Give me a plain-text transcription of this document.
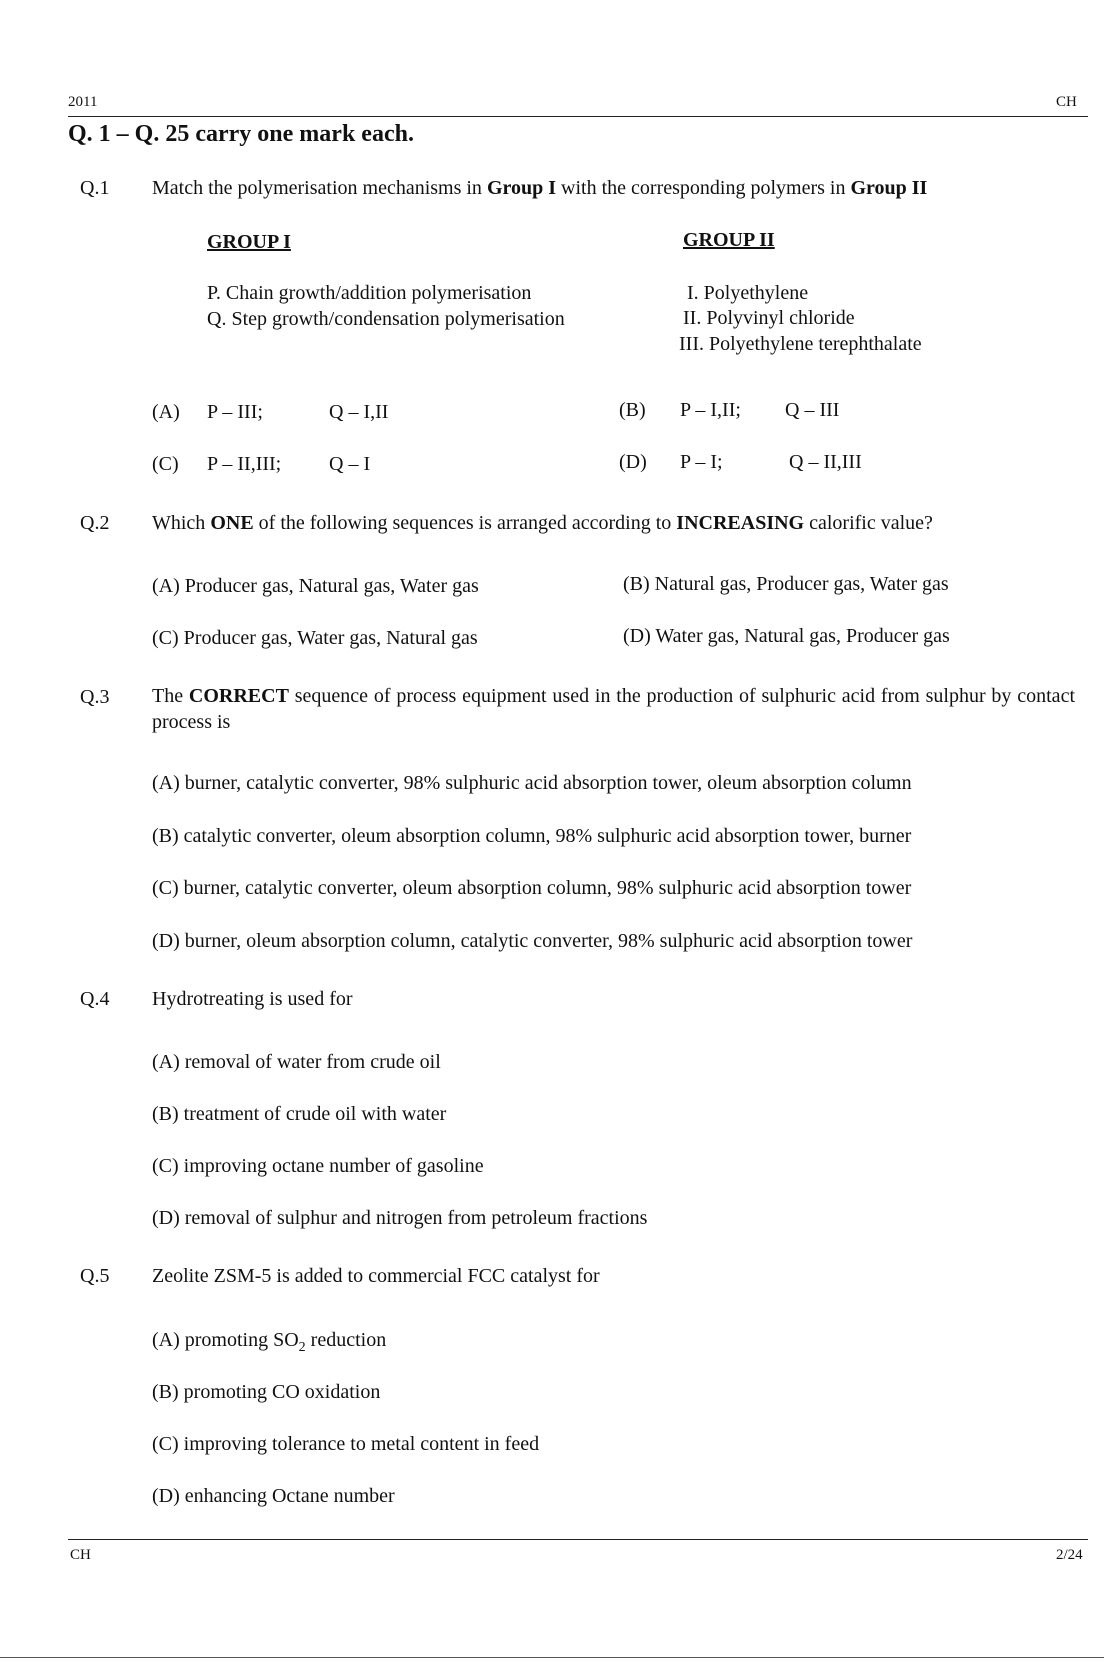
2011	CH
Q. 1 – Q. 25 carry one mark each.
Q.1 Match the polymerisation mechanisms in Group I with the corresponding polymers in Group II
GROUP I	GROUP II
P. Chain growth/addition polymerisation
Q. Step growth/condensation polymerisation
I. Polyethylene
II. Polyvinyl chloride
III. Polyethylene terephthalate
(A) P – III;	Q – I,II	(B) P – I,II; Q – III
(C) P – II,III; Q – I	(D) P – I;	Q – II,III
Q.2 Which ONE of the following sequences is arranged according to INCREASING calorific value?
(A) Producer gas, Natural gas, Water gas	(B) Natural gas, Producer gas, Water gas
(C) Producer gas, Water gas, Natural gas	(D) Water gas, Natural gas, Producer gas
Q.3 The CORRECT sequence of process equipment used in the production of sulphuric acid from sulphur by contact process is
(A) burner, catalytic converter, 98% sulphuric acid absorption tower, oleum absorption column
(B) catalytic converter, oleum absorption column, 98% sulphuric acid absorption tower, burner
(C) burner, catalytic converter, oleum absorption column, 98% sulphuric acid absorption tower
(D) burner, oleum absorption column, catalytic converter, 98% sulphuric acid absorption tower
Q.4 Hydrotreating is used for
(A) removal of water from crude oil
(B) treatment of crude oil with water
(C) improving octane number of gasoline
(D) removal of sulphur and nitrogen from petroleum fractions
Q.5 Zeolite ZSM-5 is added to commercial FCC catalyst for
(A) promoting $SO_2$ reduction
(B) promoting CO oxidation
(C) improving tolerance to metal content in feed
(D) enhancing Octane number
CH	2/24
